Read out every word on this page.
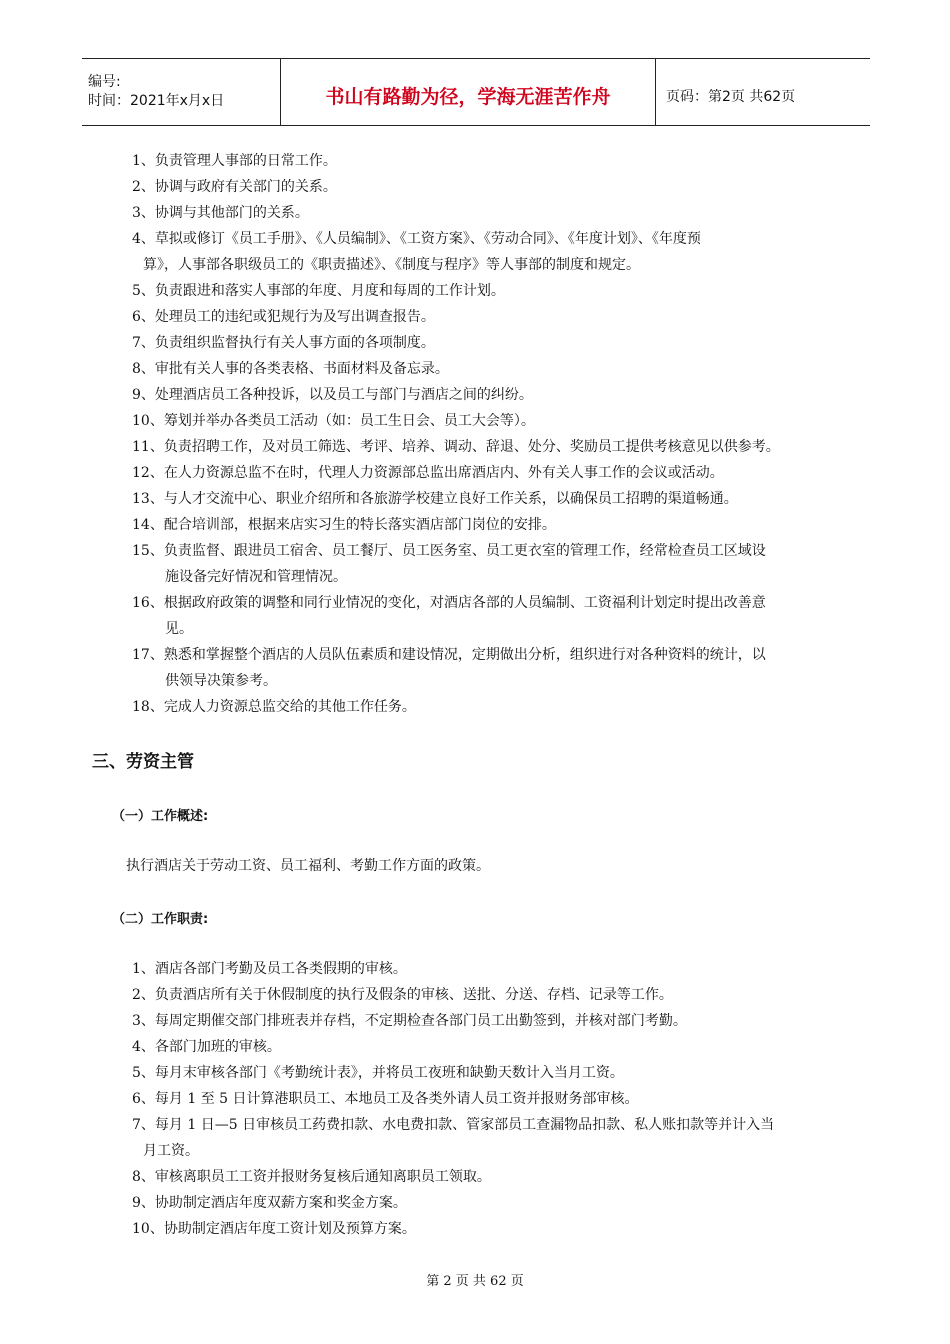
编号:
时间：2021年x月x日	书山有路勤为径，学海无涯苦作舟	页码：第2页 共62页
1、负责管理人事部的日常工作。
2、协调与政府有关部门的关系。
3、协调与其他部门的关系。
4、草拟或修订《员工手册》、《人员编制》、《工资方案》、《劳动合同》、《年度计划》、《年度预
算》，人事部各职级员工的《职责描述》、《制度与程序》等人事部的制度和规定。
5、负责跟进和落实人事部的年度、月度和每周的工作计划。
6、处理员工的违纪或犯规行为及写出调查报告。
7、负责组织监督执行有关人事方面的各项制度。
8、审批有关人事的各类表格、书面材料及备忘录。
9、处理酒店员工各种投诉，以及员工与部门与酒店之间的纠纷。
10、筹划并举办各类员工活动（如：员工生日会、员工大会等）。
11、负责招聘工作，及对员工筛选、考评、培养、调动、辞退、处分、奖励员工提供考核意见以供参考。
12、在人力资源总监不在时，代理人力资源部总监出席酒店内、外有关人事工作的会议或活动。
13、与人才交流中心、职业介绍所和各旅游学校建立良好工作关系，以确保员工招聘的渠道畅通。
14、配合培训部，根据来店实习生的特长落实酒店部门岗位的安排。
15、负责监督、跟进员工宿舍、员工餐厅、员工医务室、员工更衣室的管理工作，经常检查员工区域设
施设备完好情况和管理情况。
16、根据政府政策的调整和同行业情况的变化，对酒店各部的人员编制、工资福利计划定时提出改善意
见。
17、熟悉和掌握整个酒店的人员队伍素质和建设情况，定期做出分析，组织进行对各种资料的统计，以
供领导决策参考。
18、完成人力资源总监交给的其他工作任务。
三、劳资主管
（一）工作概述:
执行酒店关于劳动工资、员工福利、考勤工作方面的政策。
（二）工作职责:
1、酒店各部门考勤及员工各类假期的审核。
2、负责酒店所有关于休假制度的执行及假条的审核、送批、分送、存档、记录等工作。
3、每周定期催交部门排班表并存档，不定期检查各部门员工出勤签到，并核对部门考勤。
4、各部门加班的审核。
5、每月末审核各部门《考勤统计表》，并将员工夜班和缺勤天数计入当月工资。
6、每月 1 至 5 日计算港职员工、本地员工及各类外请人员工资并报财务部审核。
7、每月 1 日—5 日审核员工药费扣款、水电费扣款、管家部员工查漏物品扣款、私人账扣款等并计入当
月工资。
8、审核离职员工工资并报财务复核后通知离职员工领取。
9、协助制定酒店年度双薪方案和奖金方案。
10、协助制定酒店年度工资计划及预算方案。
第 2 页 共 62 页
